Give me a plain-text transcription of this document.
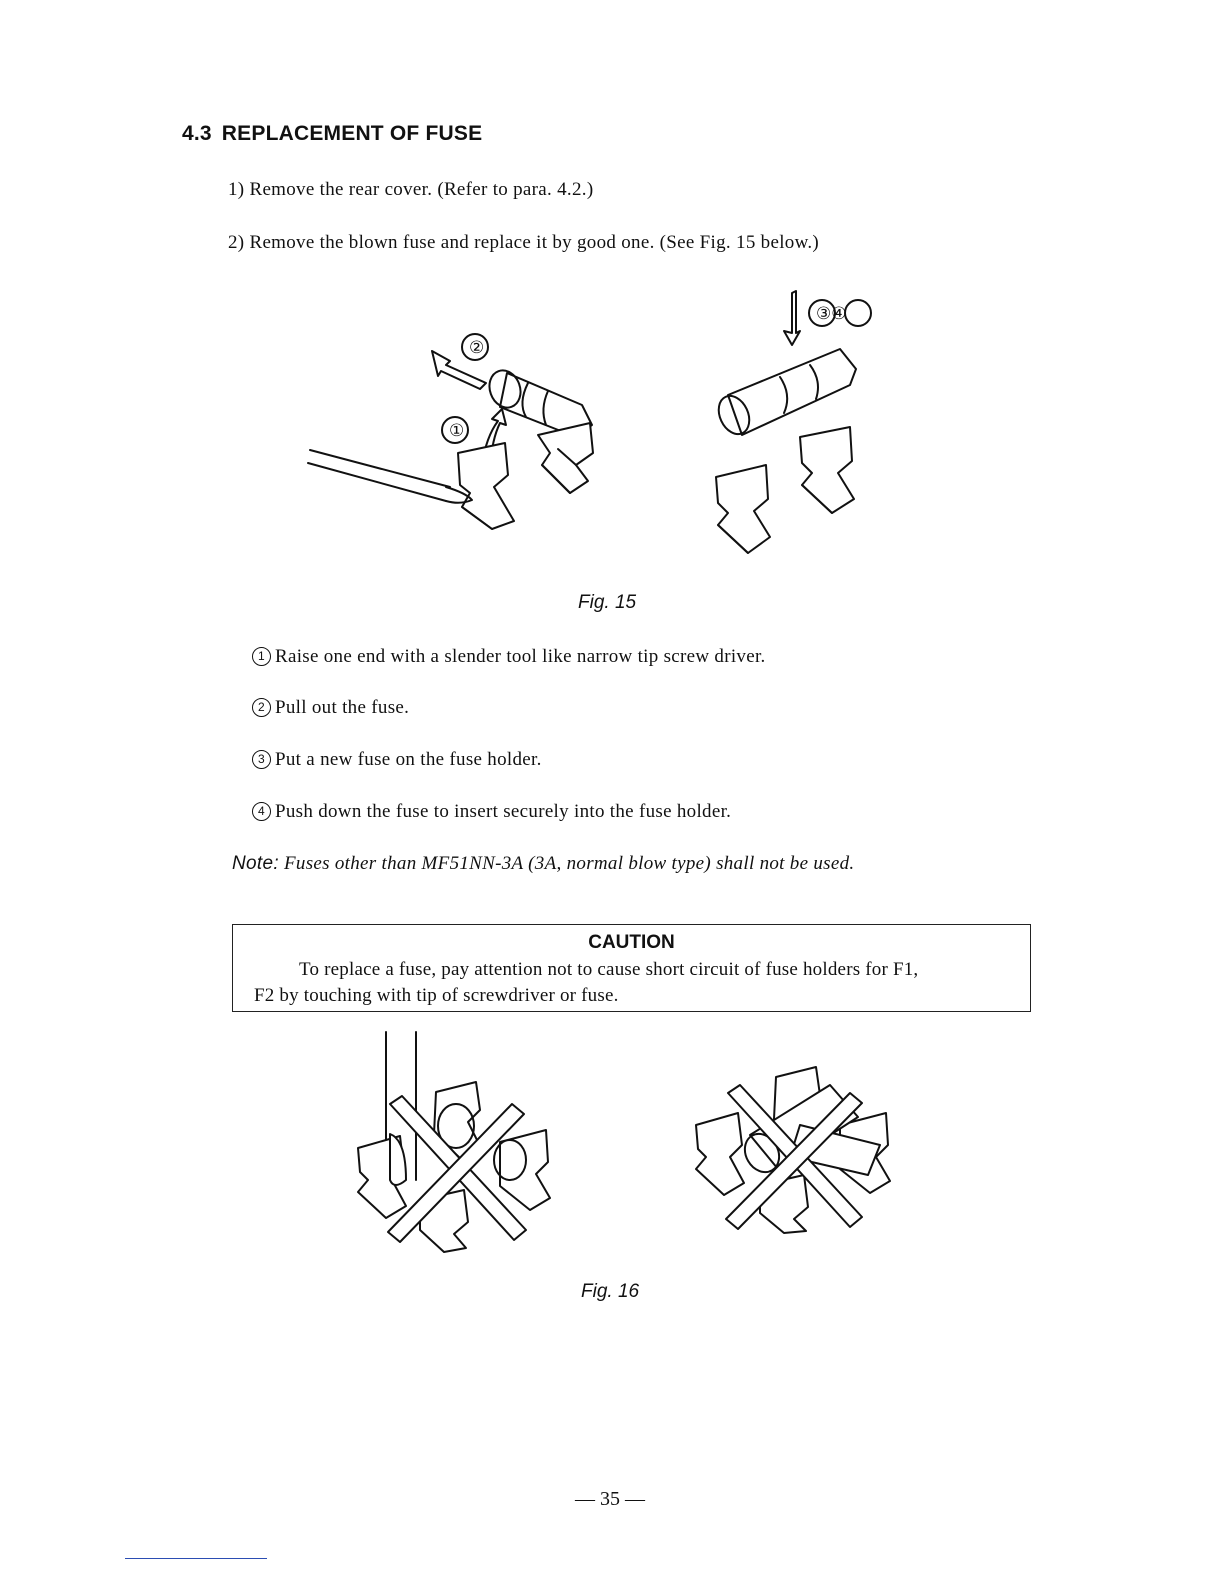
4.3 REPLACEMENT OF FUSE
1) Remove the rear cover. (Refer to para. 4.2.)
2) Remove the blown fuse and replace it by good one. (See Fig. 15 below.)
②
①
③④
Fig. 15
1 Raise one end with a slender tool like narrow tip screw driver.
2 Pull out the fuse.
3 Put a new fuse on the fuse holder.
4 Push down the fuse to insert securely into the fuse holder.
Note: Fuses other than MF51NN-3A (3A, normal blow type) shall not be used.
CAUTION
To replace a fuse, pay attention not to cause short circuit of fuse holders for F1,
F2 by touching with tip of screwdriver or fuse.
Fig. 16
— 35 —
